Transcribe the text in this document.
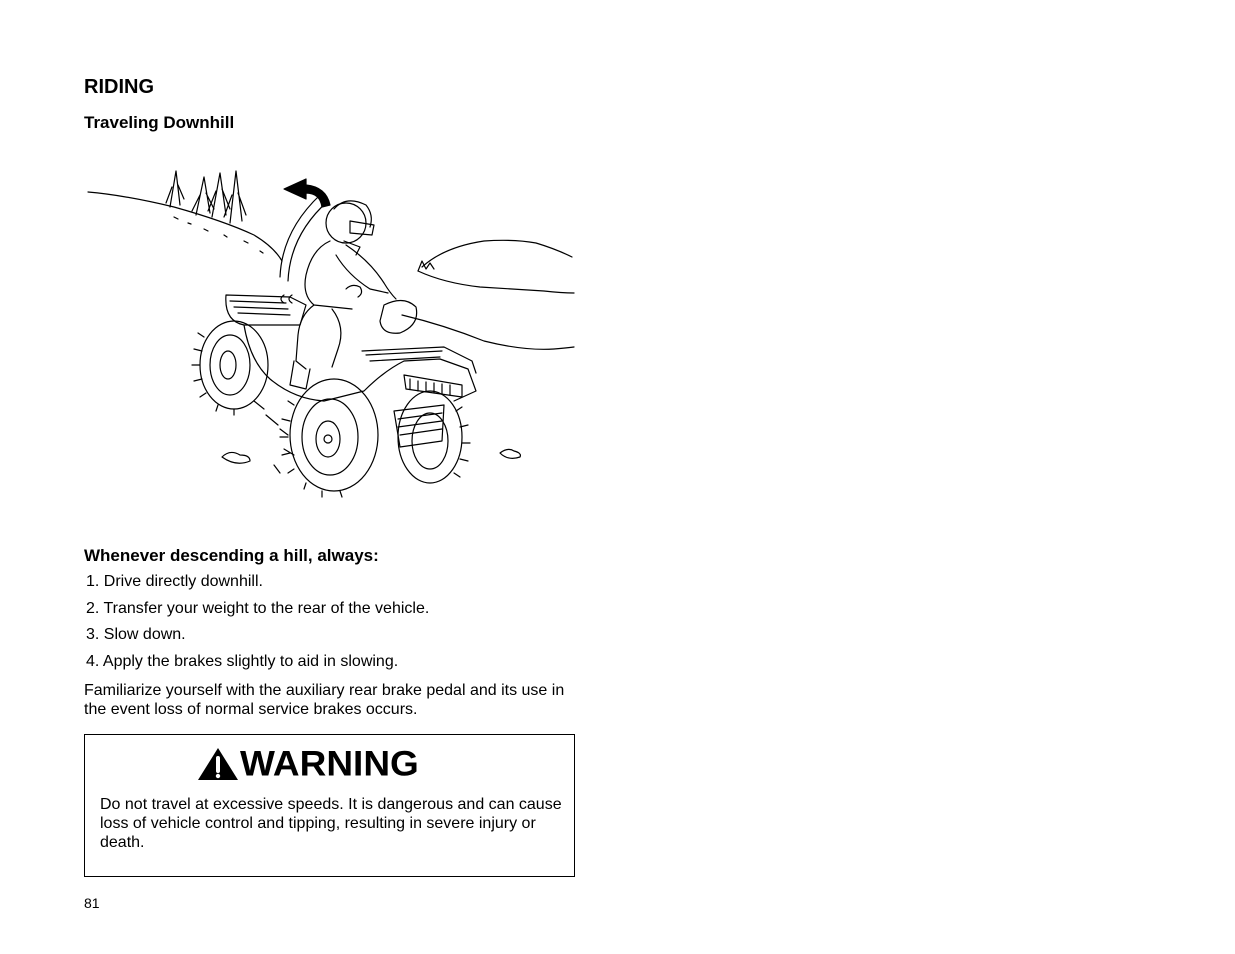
RIDING
Traveling Downhill
Whenever descending a hill, always:
1. Drive directly downhill.
2. Transfer your weight to the rear of the vehicle.
3. Slow down.
4. Apply the brakes slightly to aid in slowing.

Familiarize yourself with the auxiliary rear brake pedal and its use in the event loss of normal service brakes occurs.

WARNING

Do not travel at excessive speeds. It is dangerous and can cause loss of vehicle control and tipping, resulting in severe injury or death.

81
